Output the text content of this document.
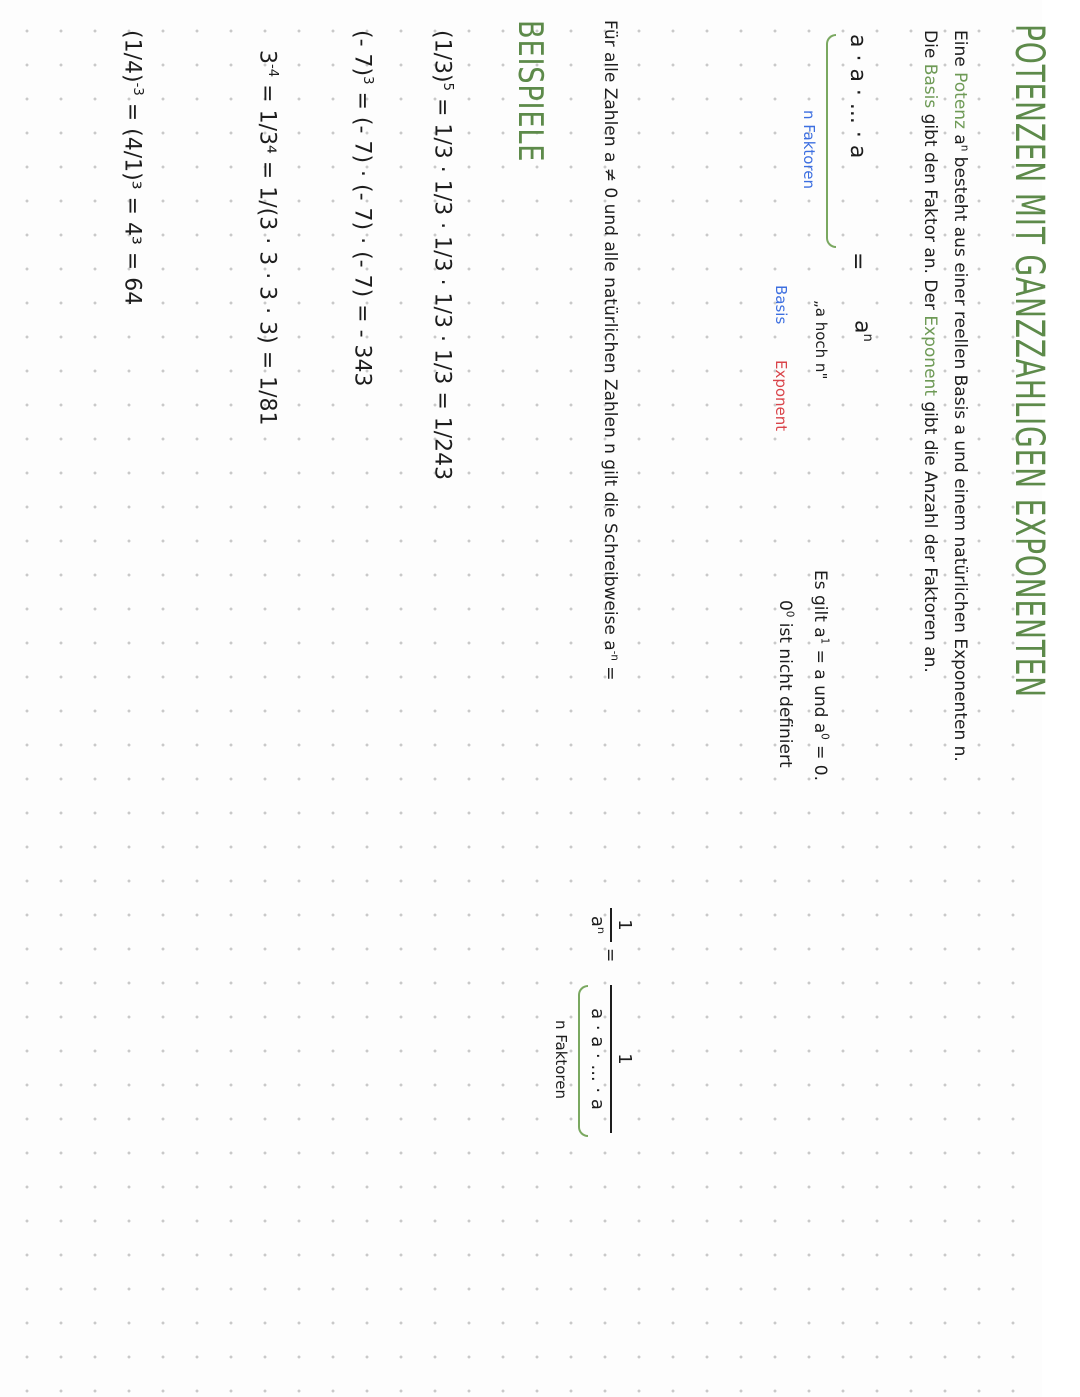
POTENZEN MIT GANZZAHLIGEN EXPONENTEN
Eine Potenz $a^n$ besteht aus einer reellen Basis a und einem natürlichen Exponenten n.
Die Basis gibt den Faktor an. Der Exponent gibt die Anzahl der Faktoren an.
a · a · ... · a
n Faktoren
=
$a^n$
„a hoch n"
Basis
Exponent
Es gilt $a^1 = a$ und $a^0 = 0$.
$0^0$ ist nicht definiert
Für alle Zahlen a ≠ 0 und alle natürlichen Zahlen n gilt die Schreibweise $a^{-n}$ =
1
aⁿ
=
1
a · a · ... · a
n Faktoren
BEISPIELE
$(1/3)^5 = 1/3 \cdot 1/3 \cdot 1/3 \cdot 1/3 \cdot 1/3 = 1/243$
(- 7)$^3$ = (- 7) · (- 7) · (- 7) = - 343
$3^{-4} = 1/3^4 = 1/(3 \cdot 3 \cdot 3 \cdot 3) = 1/81$
$(1/4)^{-3} = (4/1)^3 = 4^3 = 64$
